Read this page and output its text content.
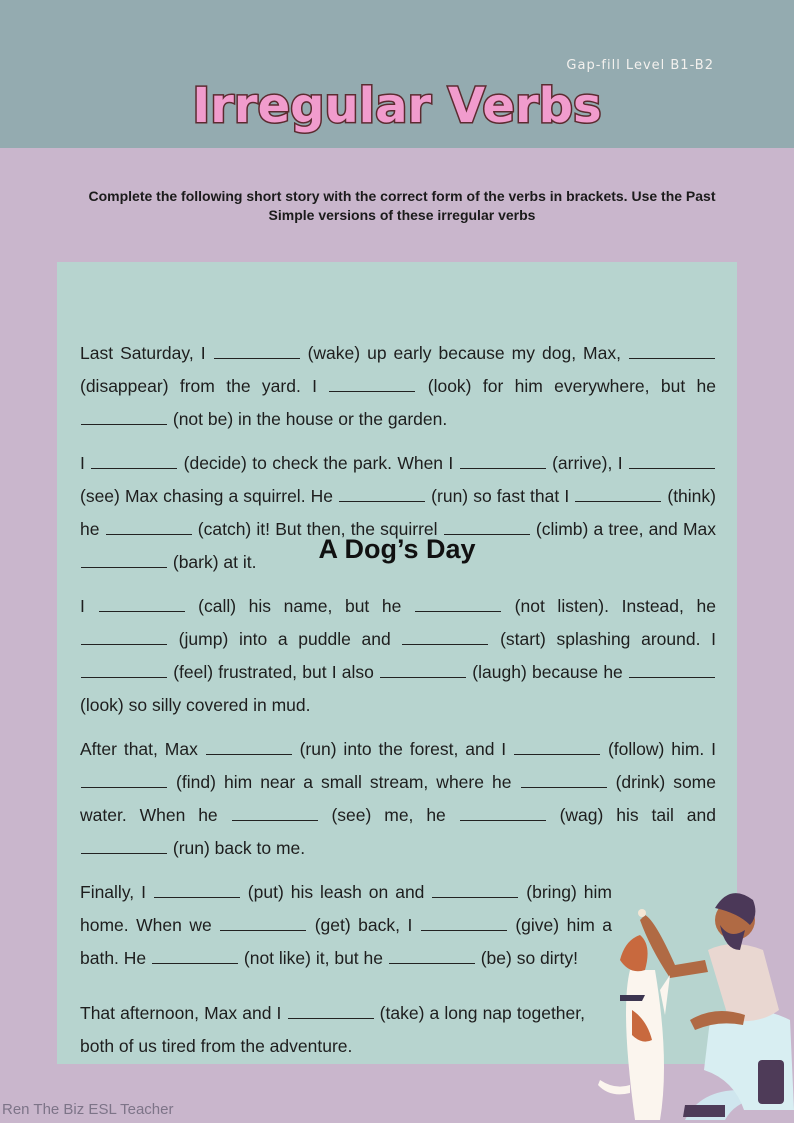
Gap-fill Level B1-B2
Irregular Verbs
Complete the following short story with the correct form of the verbs in brackets. Use the Past Simple versions of these irregular verbs
A Dog’s Day

Last Saturday, I	(wake) up early because my dog, Max,  (disappear) from the yard. I	(look) for him everywhere, but he  (not be) in the house or the garden.

I	(decide) to check the park. When I	(arrive), I  (see) Max chasing a squirrel. He	(run) so fast that I	(think) he	(catch) it! But then, the squirrel	(climb) a tree, and Max  (bark) at it.

I	(call) his name, but he	(not listen). Instead, he  (jump) into a puddle and	(start) splashing around. I  (feel) frustrated, but I also	(laugh) because he  (look) so silly covered in mud.

After that, Max	(run) into the forest, and I	(follow) him. I  (find) him near a small stream, where he	(drink) some water. When he	(see) me, he	(wag) his tail and  (run) back to me.

Finally, I	(put) his leash on and	(bring) him home. When we	(get) back, I	(give) him a bath. He	(not like) it, but he	(be) so dirty!

That afternoon, Max and I	(take) a long nap together, both of us tired from the adventure.

Ren The Biz ESL Teacher
